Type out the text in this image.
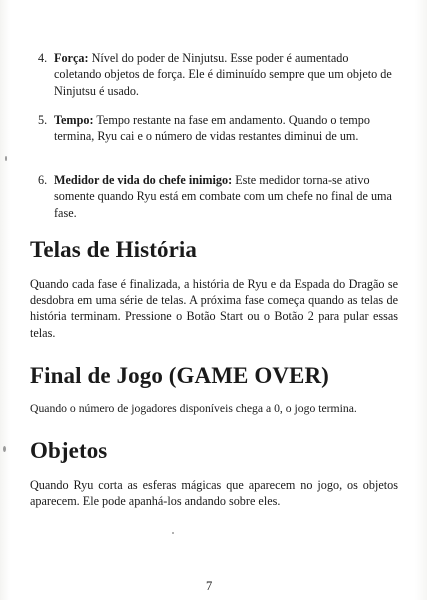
4. Força: Nível do poder de Ninjutsu. Esse poder é aumentado coletando objetos de força. Ele é diminuído sempre que um objeto de Ninjutsu é usado.
5. Tempo: Tempo restante na fase em andamento. Quando o tempo termina, Ryu cai e o número de vidas restantes diminui de um.
6. Medidor de vida do chefe inimigo: Este medidor torna-se ativo somente quando Ryu está em combate com um chefe no final de uma fase.
Telas de História

Quando cada fase é finalizada, a história de Ryu e da Espada do Dragão se desdobra em uma série de telas. A próxima fase começa quando as telas de história terminam. Pressione o Botão Start ou o Botão 2 para pular essas telas.

Final de Jogo (GAME OVER)

Quando o número de jogadores disponíveis chega a 0, o jogo termina.

Objetos

Quando Ryu corta as esferas mágicas que aparecem no jogo, os objetos aparecem. Ele pode apanhá-los andando sobre eles.

7
